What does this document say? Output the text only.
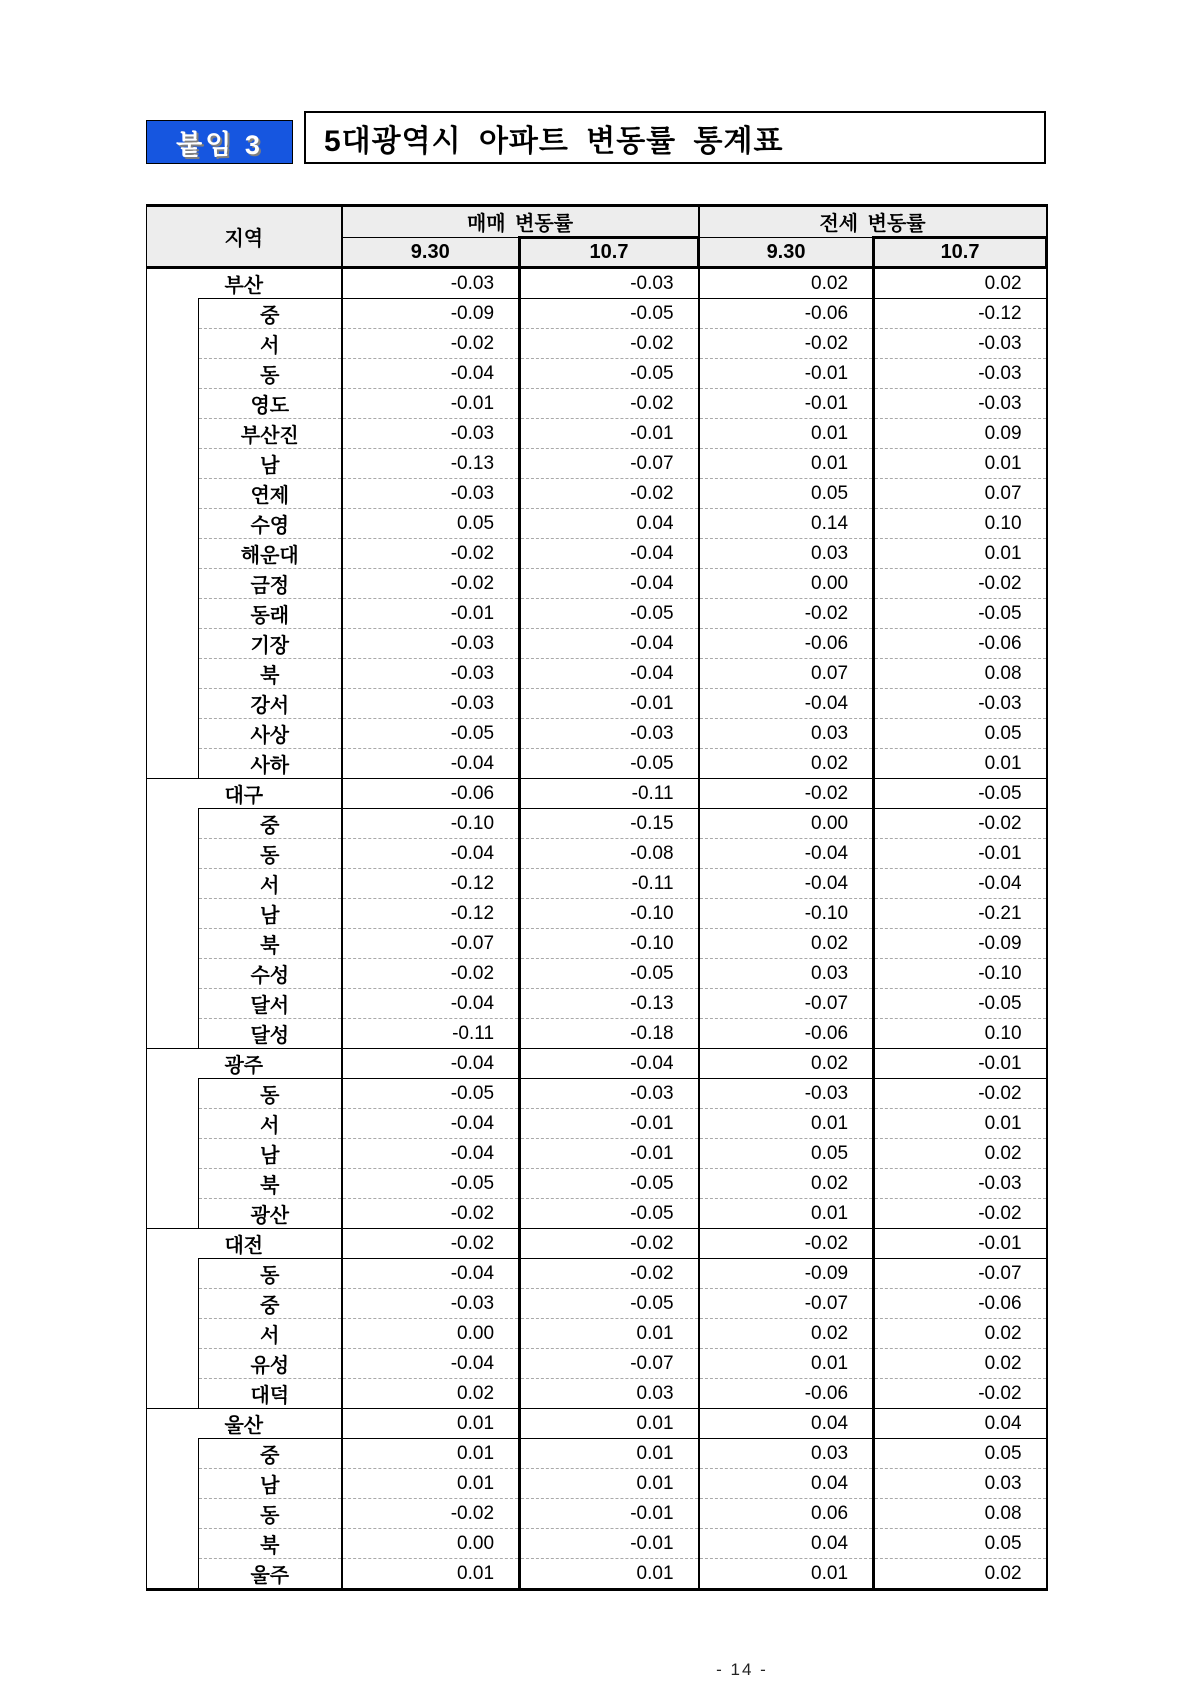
붙임 3	5대광역시 아파트 변동률 통계표
지역		매매 변동률		전세 변동률	
		9.30	10.7	9.30	10.7
부산		-0.03	-0.03	0.02	0.02
	중	-0.09	-0.05	-0.06	-0.12
	서	-0.02	-0.02	-0.02	-0.03
	동	-0.04	-0.05	-0.01	-0.03
	영도	-0.01	-0.02	-0.01	-0.03
	부산진	-0.03	-0.01	0.01	0.09
	남	-0.13	-0.07	0.01	0.01
	연제	-0.03	-0.02	0.05	0.07
	수영	0.05	0.04	0.14	0.10
	해운대	-0.02	-0.04	0.03	0.01
	금정	-0.02	-0.04	0.00	-0.02
	동래	-0.01	-0.05	-0.02	-0.05
	기장	-0.03	-0.04	-0.06	-0.06
	북	-0.03	-0.04	0.07	0.08
	강서	-0.03	-0.01	-0.04	-0.03
	사상	-0.05	-0.03	0.03	0.05
	사하	-0.04	-0.05	0.02	0.01
대구		-0.06	-0.11	-0.02	-0.05
	중	-0.10	-0.15	0.00	-0.02
	동	-0.04	-0.08	-0.04	-0.01
	서	-0.12	-0.11	-0.04	-0.04
	남	-0.12	-0.10	-0.10	-0.21
	북	-0.07	-0.10	0.02	-0.09
	수성	-0.02	-0.05	0.03	-0.10
	달서	-0.04	-0.13	-0.07	-0.05
	달성	-0.11	-0.18	-0.06	0.10
광주		-0.04	-0.04	0.02	-0.01
	동	-0.05	-0.03	-0.03	-0.02
	서	-0.04	-0.01	0.01	0.01
	남	-0.04	-0.01	0.05	0.02
	북	-0.05	-0.05	0.02	-0.03
	광산	-0.02	-0.05	0.01	-0.02
대전		-0.02	-0.02	-0.02	-0.01
	동	-0.04	-0.02	-0.09	-0.07
	중	-0.03	-0.05	-0.07	-0.06
	서	0.00	0.01	0.02	0.02
	유성	-0.04	-0.07	0.01	0.02
	대덕	0.02	0.03	-0.06	-0.02
울산		0.01	0.01	0.04	0.04
	중	0.01	0.01	0.03	0.05
	남	0.01	0.01	0.04	0.03
	동	-0.02	-0.01	0.06	0.08
	북	0.00	-0.01	0.04	0.05
	울주	0.01	0.01	0.01	0.02
- 14 -
